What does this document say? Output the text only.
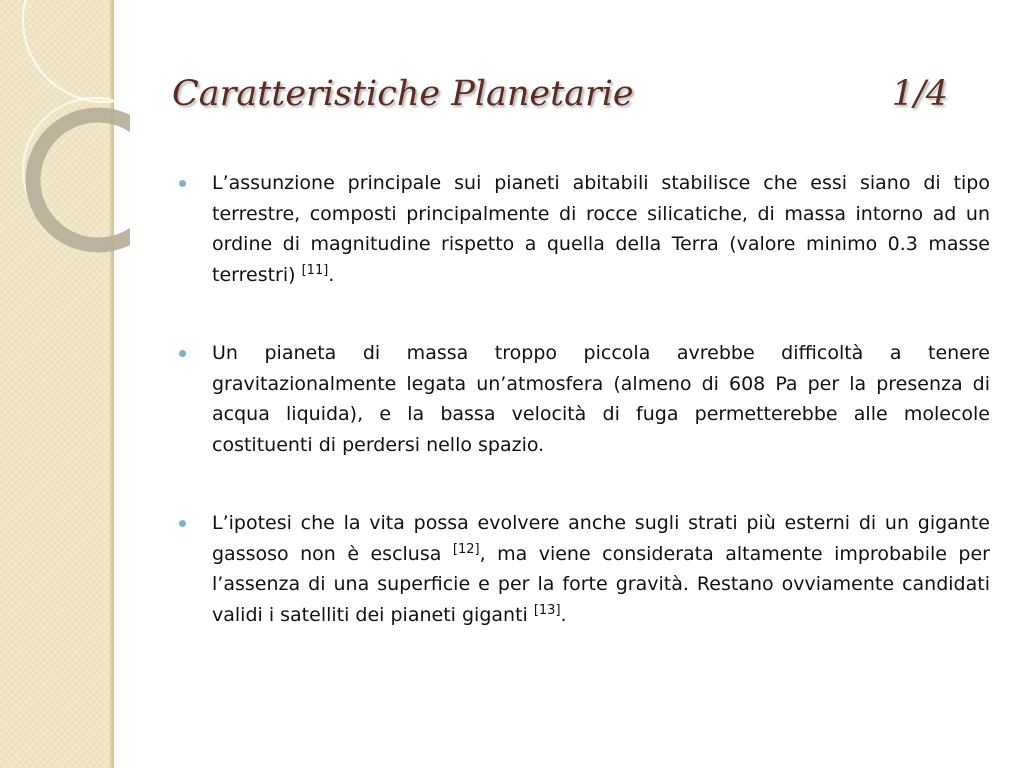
Caratteristiche Planetarie	1/4
L’assunzione principale sui pianeti abitabili stabilisce che essi siano di tipo terrestre, composti principalmente di rocce silicatiche, di massa intorno ad un ordine di magnitudine rispetto a quella della Terra (valore minimo 0.3 masse terrestri) [11].
Un pianeta di massa troppo piccola avrebbe difficoltà a tenere gravitazionalmente legata un’atmosfera (almeno di 608 Pa per la presenza di acqua liquida), e la bassa velocità di fuga permetterebbe alle molecole costituenti di perdersi nello spazio.
L’ipotesi che la vita possa evolvere anche sugli strati più esterni di un gigante gassoso non è esclusa [12], ma viene considerata altamente improbabile per l’assenza di una superficie e per la forte gravità. Restano ovviamente candidati validi i satelliti dei pianeti giganti [13].
